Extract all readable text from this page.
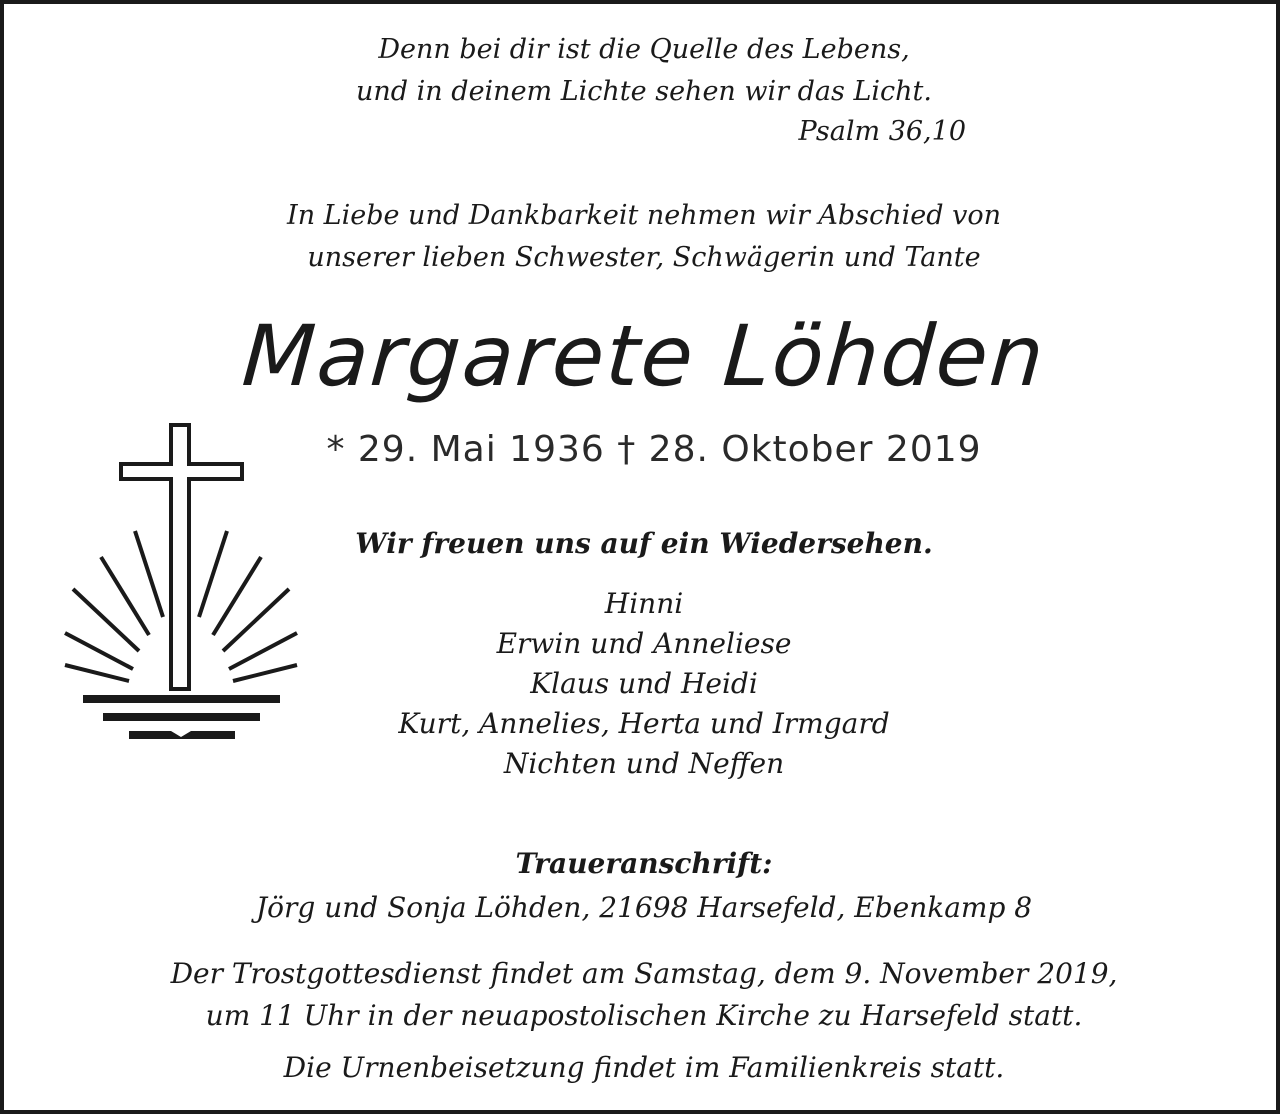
Denn bei dir ist die Quelle des Lebens,
und in deinem Lichte sehen wir das Licht.
Psalm 36,10
In Liebe und Dankbarkeit nehmen wir Abschied von
unserer lieben Schwester, Schwägerin und Tante
Margarete Löhden
* 29. Mai 1936 † 28. Oktober 2019
Wir freuen uns auf ein Wiedersehen.
Hinni
Erwin und Anneliese
Klaus und Heidi
Kurt, Annelies, Herta und Irmgard
Nichten und Neffen
Traueranschrift:
Jörg und Sonja Löhden, 21698 Harsefeld, Ebenkamp 8
Der Trostgottesdienst findet am Samstag, dem 9. November 2019,
um 11 Uhr in der neuapostolischen Kirche zu Harsefeld statt.
Die Urnenbeisetzung findet im Familienkreis statt.
